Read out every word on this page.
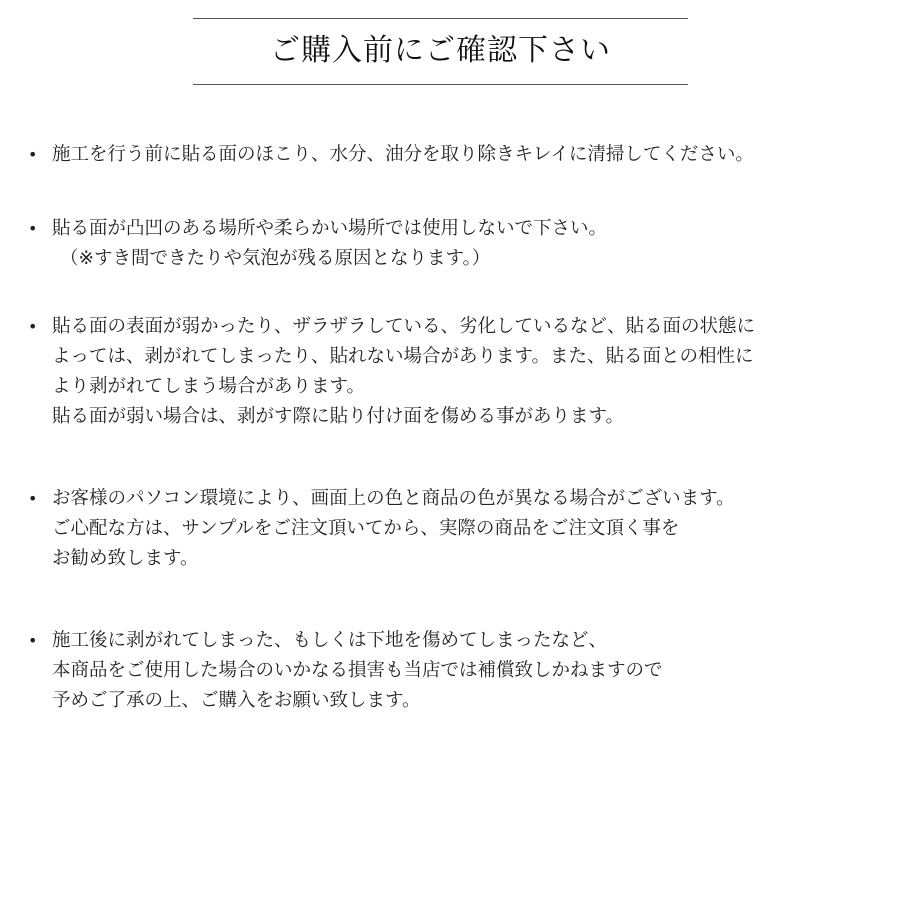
ご購入前にご確認下さい
• 施工を行う前に貼る面のほこり、水分、油分を取り除きキレイに清掃してください。
• 貼る面が凸凹のある場所や柔らかい場所では使用しないで下さい。
（※すき間できたりや気泡が残る原因となります。）
• 貼る面の表面が弱かったり、ザラザラしている、劣化しているなど、貼る面の状態に
よっては、剥がれてしまったり、貼れない場合があります。また、貼る面との相性に
より剥がれてしまう場合があります。
貼る面が弱い場合は、剥がす際に貼り付け面を傷める事があります。
• お客様のパソコン環境により、画面上の色と商品の色が異なる場合がございます。
ご心配な方は、サンプルをご注文頂いてから、実際の商品をご注文頂く事を
お勧め致します。
• 施工後に剥がれてしまった、もしくは下地を傷めてしまったなど、
本商品をご使用した場合のいかなる損害も当店では補償致しかねますので
予めご了承の上、ご購入をお願い致します。
